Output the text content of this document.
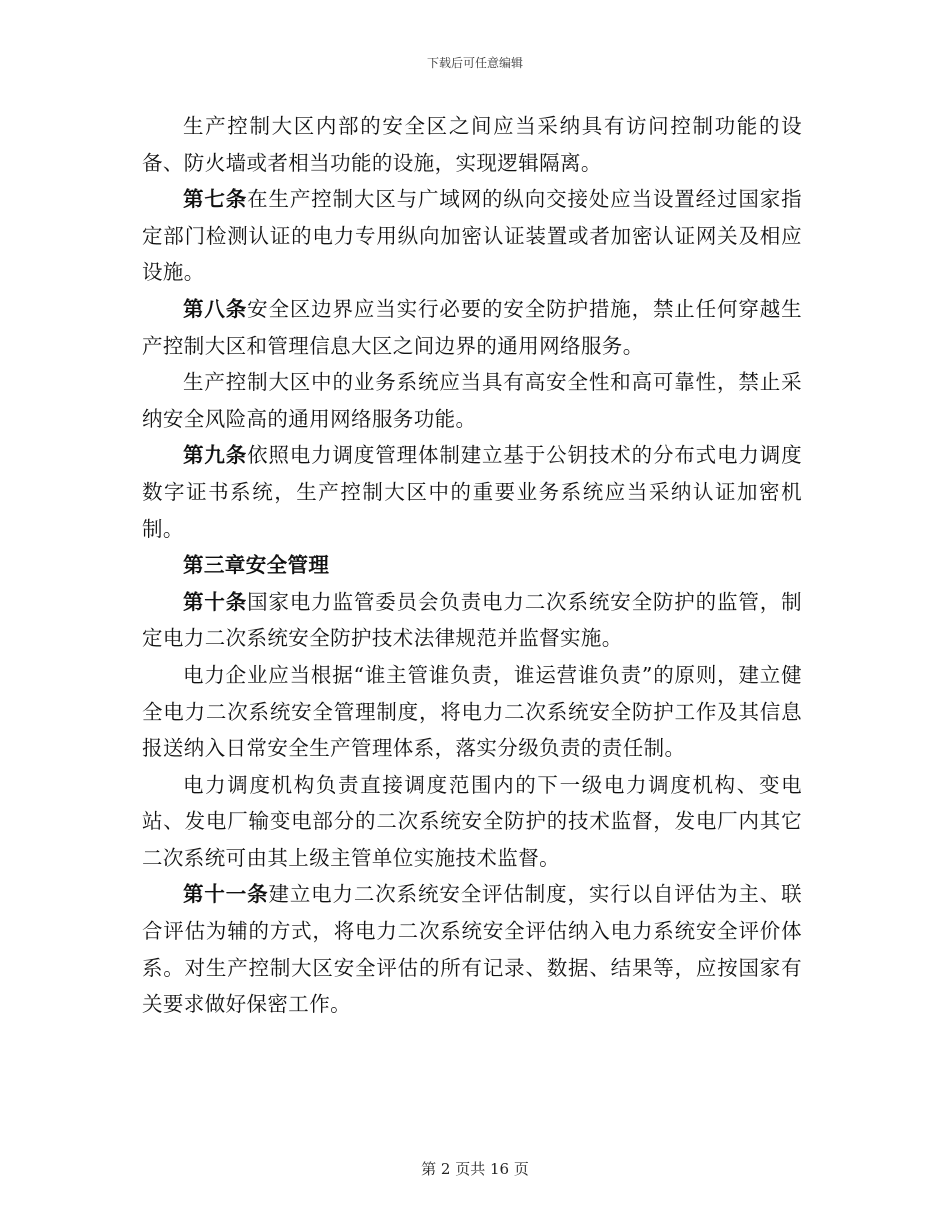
下载后可任意编辑

生产控制大区内部的安全区之间应当采纳具有访问控制功能的设备、防火墙或者相当功能的设施，实现逻辑隔离。

第七条在生产控制大区与广域网的纵向交接处应当设置经过国家指定部门检测认证的电力专用纵向加密认证装置或者加密认证网关及相应设施。

第八条安全区边界应当实行必要的安全防护措施，禁止任何穿越生产控制大区和管理信息大区之间边界的通用网络服务。

生产控制大区中的业务系统应当具有高安全性和高可靠性，禁止采纳安全风险高的通用网络服务功能。

第九条依照电力调度管理体制建立基于公钥技术的分布式电力调度数字证书系统，生产控制大区中的重要业务系统应当采纳认证加密机制。

第三章安全管理

第十条国家电力监管委员会负责电力二次系统安全防护的监管，制定电力二次系统安全防护技术法律规范并监督实施。

电力企业应当根据“谁主管谁负责，谁运营谁负责”的原则，建立健全电力二次系统安全管理制度，将电力二次系统安全防护工作及其信息报送纳入日常安全生产管理体系，落实分级负责的责任制。

电力调度机构负责直接调度范围内的下一级电力调度机构、变电站、发电厂输变电部分的二次系统安全防护的技术监督，发电厂内其它二次系统可由其上级主管单位实施技术监督。

第十一条建立电力二次系统安全评估制度，实行以自评估为主、联合评估为辅的方式，将电力二次系统安全评估纳入电力系统安全评价体系。对生产控制大区安全评估的所有记录、数据、结果等，应按国家有关要求做好保密工作。

第 2 页共 16 页
